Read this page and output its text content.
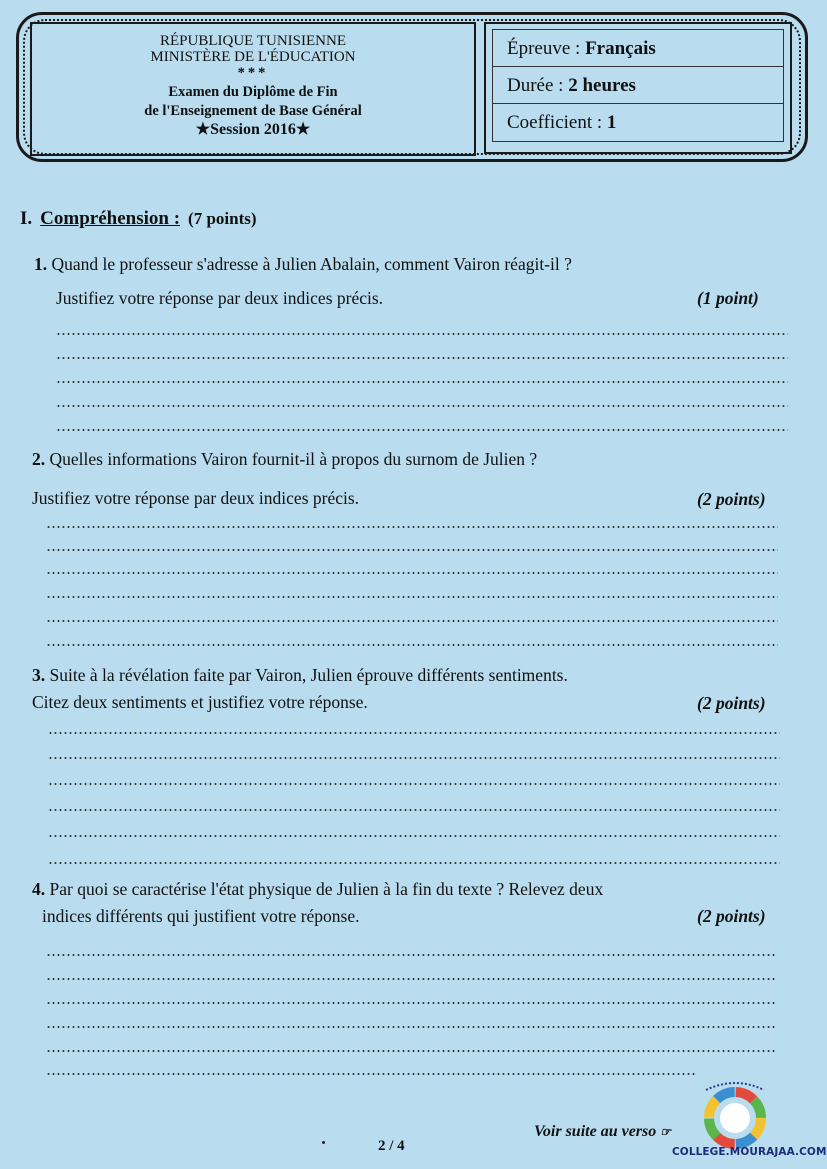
RÉPUBLIQUE TUNISIENNE
MINISTÈRE DE L'ÉDUCATION
***
Examen du Diplôme de Fin
de l'Enseignement de Base Général
★Session 2016★
Épreuve : Français
Durée : 2 heures
Coefficient : 1
I. Compréhension : (7 points)
1. Quand le professeur s'adresse à Julien Abalain, comment Vairon réagit-il ?
Justifiez votre réponse par deux indices précis.	(1 point)
2. Quelles informations Vairon fournit-il à propos du surnom de Julien ?
Justifiez votre réponse par deux indices précis.	(2 points)
3. Suite à la révélation faite par Vairon, Julien éprouve différents sentiments.
Citez deux sentiments et justifiez votre réponse.	(2 points)
4. Par quoi se caractérise l'état physique de Julien à la fin du texte ? Relevez deux
indices différents qui justifient votre réponse.	(2 points)
2 / 4
Voir suite au verso ☞
COLLEGE.MOURAJAA.COM
